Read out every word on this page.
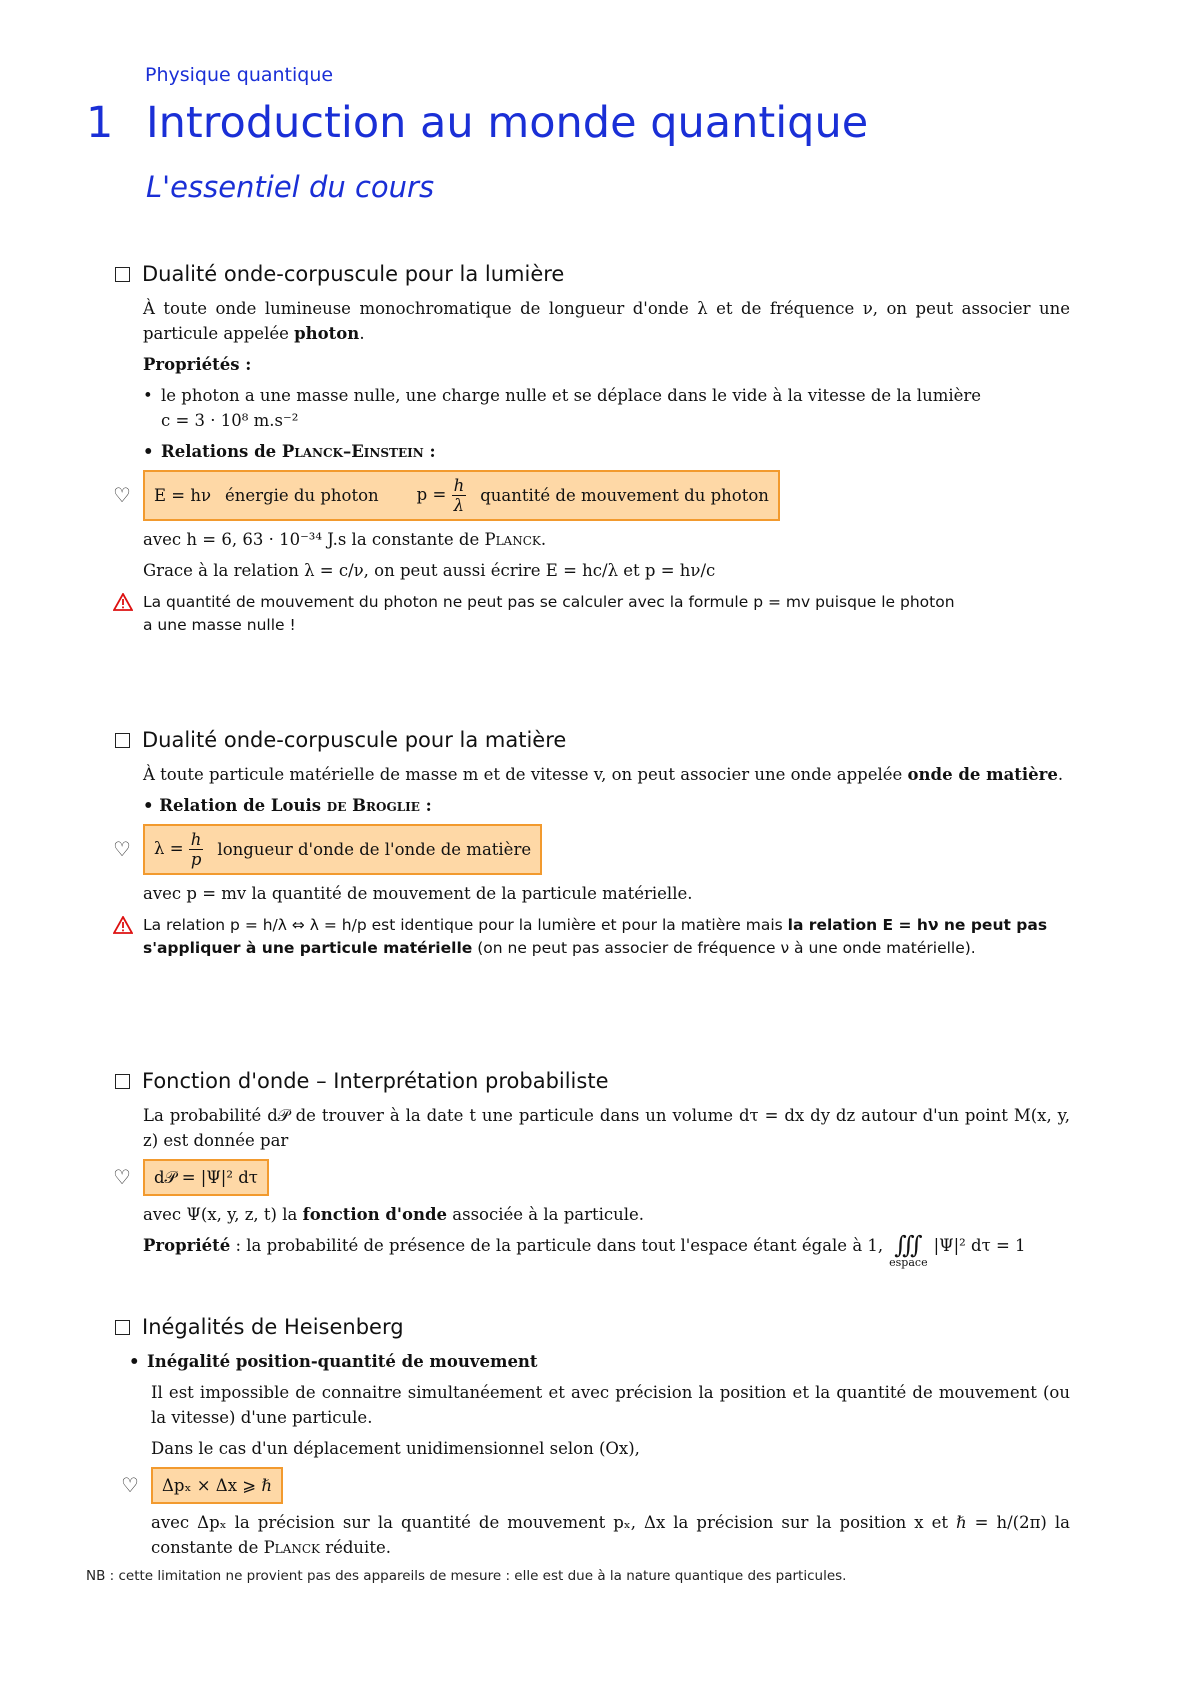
Physique quantique
1 Introduction au monde quantique
L'essentiel du cours
Dualité onde-corpuscule pour la lumière

À toute onde lumineuse monochromatique de longueur d'onde λ et de fréquence ν, on peut associer une particule appelée photon.

Propriétés :

• le photon a une masse nulle, une charge nulle et se déplace dans le vide à la vitesse de la lumière
c = 3 · 10⁸ m.s⁻²
• Relations de Planck–Einstein :
♡	E = hν énergie du photon $p = \frac{h}{\lambda}$ quantité de mouvement du photon

avec h = 6, 63 · 10⁻³⁴ J.s la constante de Planck.

Grace à la relation λ = c/ν, on peut aussi écrire E = hc/λ et p = hν/c

La quantité de mouvement du photon ne peut pas se calculer avec la formule p = mv puisque le photon
a une masse nulle !
Dualité onde-corpuscule pour la matière

À toute particule matérielle de masse m et de vitesse v, on peut associer une onde appelée onde de matière.

• Relation de Louis de Broglie :

♡	$\lambda = \frac{h}{p}$ longueur d'onde de l'onde de matière

avec p = mv la quantité de mouvement de la particule matérielle.

La relation p = h/λ ⇔ λ = h/p est identique pour la lumière et pour la matière mais la relation E = hν ne peut pas s'appliquer à une particule matérielle (on ne peut pas associer de fréquence ν à une onde matérielle).
Fonction d'onde – Interprétation probabiliste

La probabilité d𝒫 de trouver à la date t une particule dans un volume dτ = dx dy dz autour d'un point M(x, y, z) est donnée par

♡	d𝒫 = |Ψ|² dτ

avec Ψ(x, y, z, t) la fonction d'onde associée à la particule.

Propriété : la probabilité de présence de la particule dans tout l'espace étant égale à 1, ∭
espace
|Ψ|² dτ = 1

Inégalités de Heisenberg
• Inégalité position-quantité de mouvement

Il est impossible de connaitre simultanéement et avec précision la position et la quantité de mouvement (ou la vitesse) d'une particule.

Dans le cas d'un déplacement unidimensionnel selon (Ox),

♡	Δpₓ × Δx ⩾ ℏ

avec Δpₓ la précision sur la quantité de mouvement pₓ, Δx la précision sur la position x et ℏ = h/(2π) la constante de Planck réduite.

NB : cette limitation ne provient pas des appareils de mesure : elle est due à la nature quantique des particules.
